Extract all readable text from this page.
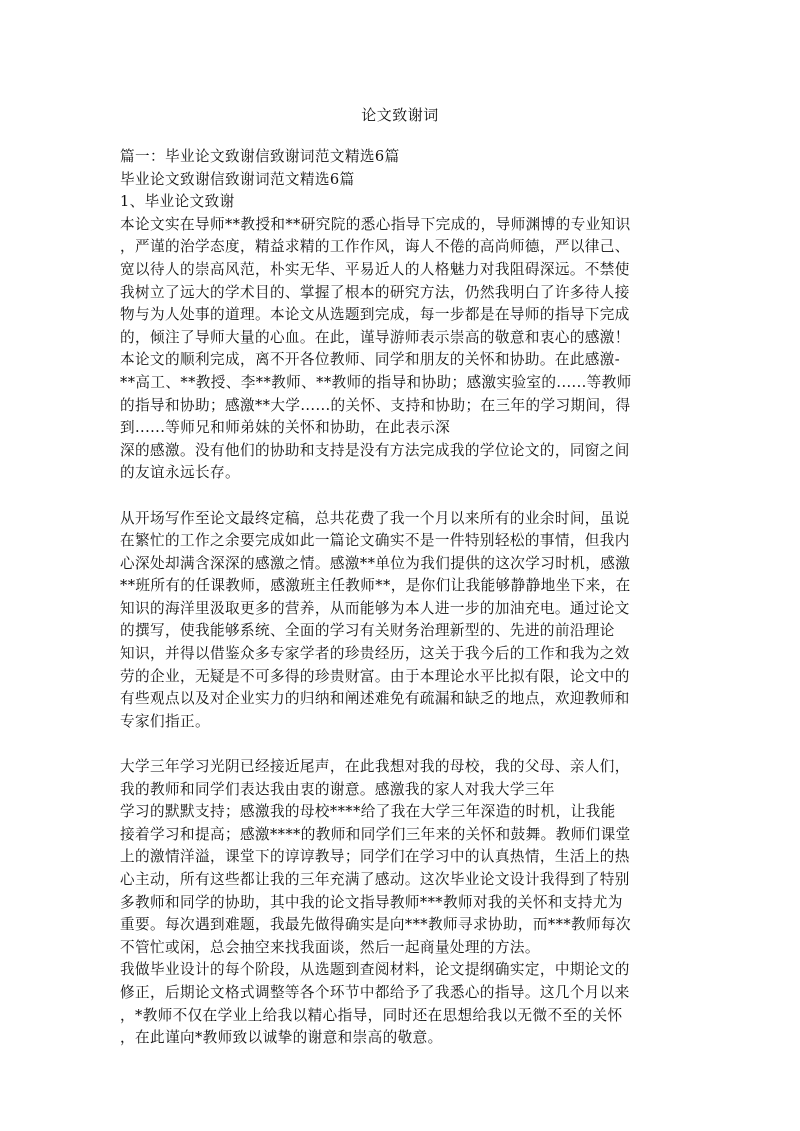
论文致谢词
篇一：毕业论文致谢信致谢词范文精选6篇
毕业论文致谢信致谢词范文精选6篇
1、毕业论文致谢
本论文实在导师**教授和**研究院的悉心指导下完成的，导师渊博的专业知识
，严谨的治学态度，精益求精的工作作风，诲人不倦的高尚师德，严以律己、
宽以待人的崇高风范，朴实无华、平易近人的人格魅力对我阻碍深远。不禁使
我树立了远大的学术目的、掌握了根本的研究方法，仍然我明白了许多待人接
物与为人处事的道理。本论文从选题到完成，每一步都是在导师的指导下完成
的，倾注了导师大量的心血。在此，谨导游师表示崇高的敬意和衷心的感激！
本论文的顺利完成，离不开各位教师、同学和朋友的关怀和协助。在此感激-
**高工、**教授、李**教师、**教师的指导和协助；感激实验室的......等教师
的指导和协助；感激**大学......的关怀、支持和协助；在三年的学习期间，得
到......等师兄和师弟妹的关怀和协助，在此表示深
深的感激。没有他们的协助和支持是没有方法完成我的学位论文的，同窗之间
的友谊永远长存。
从开场写作至论文最终定稿，总共花费了我一个月以来所有的业余时间，虽说
在繁忙的工作之余要完成如此一篇论文确实不是一件特别轻松的事情，但我内
心深处却满含深深的感激之情。感激**单位为我们提供的这次学习时机，感激
**班所有的任课教师，感激班主任教师**，是你们让我能够静静地坐下来，在
知识的海洋里汲取更多的营养，从而能够为本人进一步的加油充电。通过论文
的撰写，使我能够系统、全面的学习有关财务治理新型的、先进的前沿理论
知识，并得以借鉴众多专家学者的珍贵经历，这关于我今后的工作和我为之效
劳的企业，无疑是不可多得的珍贵财富。由于本理论水平比拟有限，论文中的
有些观点以及对企业实力的归纳和阐述难免有疏漏和缺乏的地点，欢迎教师和
专家们指正。
大学三年学习光阴已经接近尾声，在此我想对我的母校，我的父母、亲人们，
我的教师和同学们表达我由衷的谢意。感激我的家人对我大学三年
学习的默默支持；感激我的母校****给了我在大学三年深造的时机，让我能
接着学习和提高；感激****的教师和同学们三年来的关怀和鼓舞。教师们课堂
上的激情洋溢，课堂下的谆谆教导；同学们在学习中的认真热情，生活上的热
心主动，所有这些都让我的三年充满了感动。这次毕业论文设计我得到了特别
多教师和同学的协助，其中我的论文指导教师***教师对我的关怀和支持尤为
重要。每次遇到难题，我最先做得确实是向***教师寻求协助，而***教师每次
不管忙或闲，总会抽空来找我面谈，然后一起商量处理的方法。
我做毕业设计的每个阶段，从选题到查阅材料，论文提纲确实定，中期论文的
修正，后期论文格式调整等各个环节中都给予了我悉心的指导。这几个月以来
，*教师不仅在学业上给我以精心指导，同时还在思想给我以无微不至的关怀
，在此谨向*教师致以诚挚的谢意和崇高的敬意。
